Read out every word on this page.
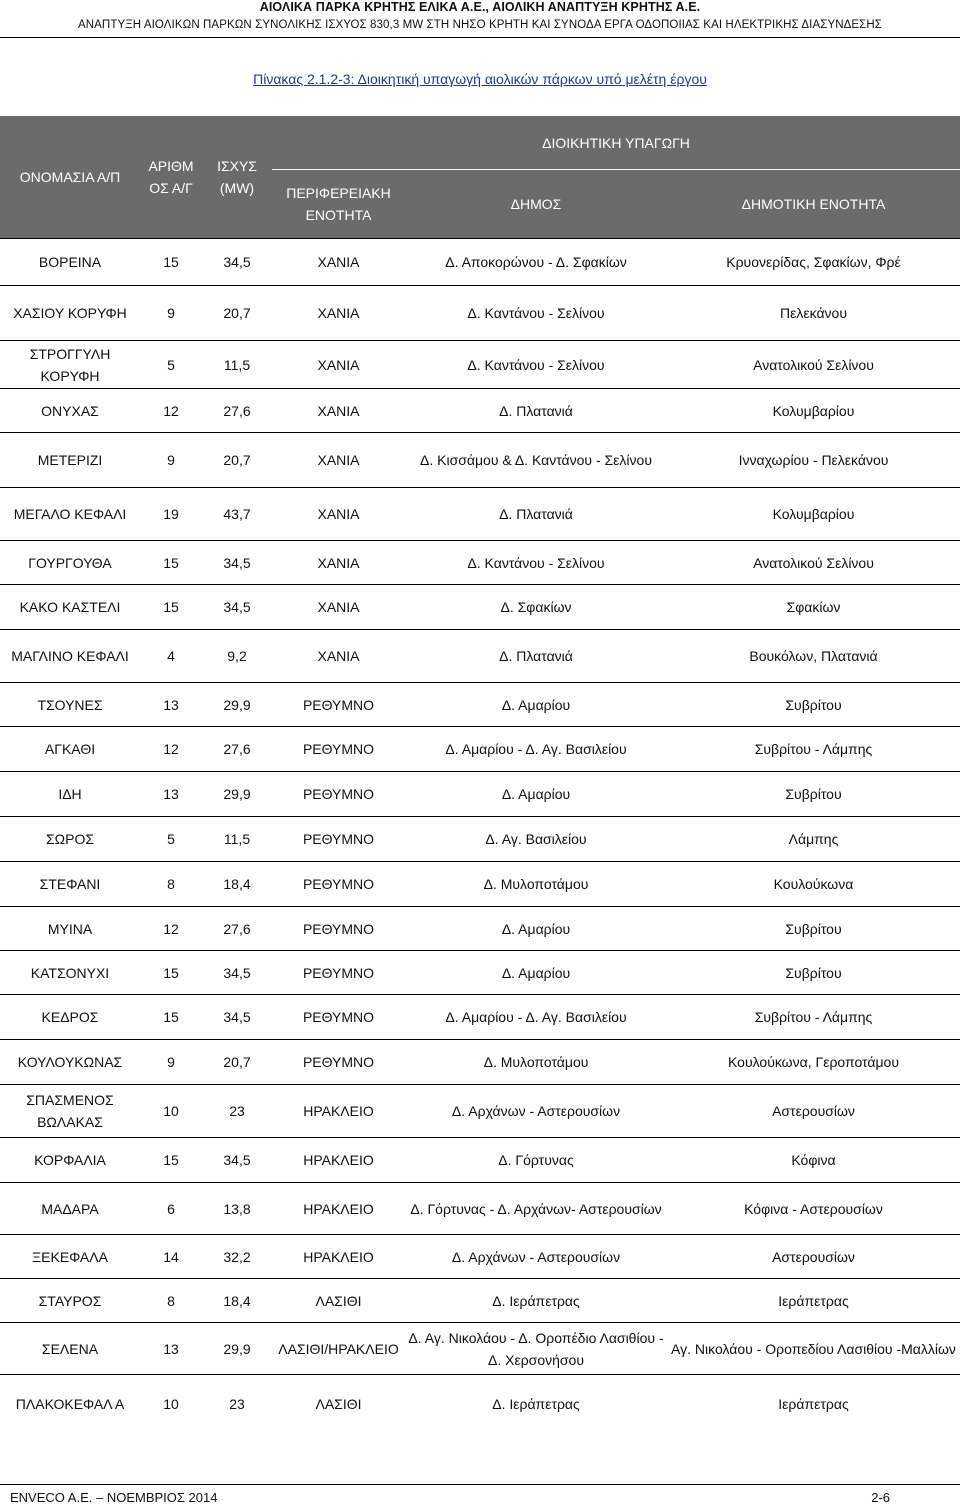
ΑΙΟΛΙΚΑ ΠΑΡΚΑ ΚΡΗΤΗΣ ΕΛΙΚΑ Α.Ε., ΑΙΟΛΙΚΗ ΑΝΑΠΤΥΞΗ ΚΡΗΤΗΣ Α.Ε.
ΑΝΑΠΤΥΞΗ ΑΙΟΛΙΚΩΝ ΠΑΡΚΩΝ ΣΥΝΟΛΙΚΗΣ ΙΣΧΥΟΣ 830,3 MW ΣΤΗ ΝΗΣΟ ΚΡΗΤΗ ΚΑΙ ΣΥΝΟΔΑ ΕΡΓΑ ΟΔΟΠΟΙΙΑΣ ΚΑΙ ΗΛΕΚΤΡΙΚΗΣ ΔΙΑΣΥΝΔΕΣΗΣ
Πίνακας 2.1.2-3: Διοικητική υπαγωγή αιολικών πάρκων υπό μελέτη έργου
ΟΝΟΜΑΣΙΑ Α/Π	ΑΡΙΘΜ ΟΣ Α/Γ	ΙΣΧΥΣ (MW)	ΔΙΟΙΚΗΤΙΚΗ ΥΠΑΓΩΓΗ		
			ΠΕΡΙΦΕΡΕΙΑΚΗ ΕΝΟΤΗΤΑ	ΔΗΜΟΣ	ΔΗΜΟΤΙΚΗ ΕΝΟΤΗΤΑ
ΒΟΡΕΙΝΑ	15	34,5	ΧΑΝΙΑ	Δ. Αποκορώνου - Δ. Σφακίων	Κρυονερίδας, Σφακίων, Φρέ
ΧΑΣΙΟΥ ΚΟΡΥΦΗ	9	20,7	ΧΑΝΙΑ	Δ. Καντάνου - Σελίνου	Πελεκάνου
ΣΤΡΟΓΓΥΛΗ ΚΟΡΥΦΗ	5	11,5	ΧΑΝΙΑ	Δ. Καντάνου - Σελίνου	Ανατολικού Σελίνου
ΟΝΥΧΑΣ	12	27,6	ΧΑΝΙΑ	Δ. Πλατανιά	Κολυμβαρίου
ΜΕΤΕΡΙΖΙ	9	20,7	ΧΑΝΙΑ	Δ. Κισσάμου & Δ. Καντάνου - Σελίνου	Ινναχωρίου - Πελεκάνου
ΜΕΓΑΛΟ ΚΕΦΑΛΙ	19	43,7	ΧΑΝΙΑ	Δ. Πλατανιά	Κολυμβαρίου
ΓΟΥΡΓΟΥΘΑ	15	34,5	ΧΑΝΙΑ	Δ. Καντάνου - Σελίνου	Ανατολικού Σελίνου
ΚΑΚΟ ΚΑΣΤΕΛΙ	15	34,5	ΧΑΝΙΑ	Δ. Σφακίων	Σφακίων
ΜΑΓΛΙΝΟ ΚΕΦΑΛΙ	4	9,2	ΧΑΝΙΑ	Δ. Πλατανιά	Βουκόλων, Πλατανιά
ΤΣΟΥΝΕΣ	13	29,9	ΡΕΘΥΜΝΟ	Δ. Αμαρίου	Συβρίτου
ΑΓΚΑΘΙ	12	27,6	ΡΕΘΥΜΝΟ	Δ. Αμαρίου - Δ. Αγ. Βασιλείου	Συβρίτου - Λάμπης
ΙΔΗ	13	29,9	ΡΕΘΥΜΝΟ	Δ. Αμαρίου	Συβρίτου
ΣΩΡΟΣ	5	11,5	ΡΕΘΥΜΝΟ	Δ. Αγ. Βασιλείου	Λάμπης
ΣΤΕΦΑΝΙ	8	18,4	ΡΕΘΥΜΝΟ	Δ. Μυλοποτάμου	Κουλούκωνα
ΜΥΙΝΑ	12	27,6	ΡΕΘΥΜΝΟ	Δ. Αμαρίου	Συβρίτου
ΚΑΤΣΟΝΥΧΙ	15	34,5	ΡΕΘΥΜΝΟ	Δ. Αμαρίου	Συβρίτου
ΚΕΔΡΟΣ	15	34,5	ΡΕΘΥΜΝΟ	Δ. Αμαρίου - Δ. Αγ. Βασιλείου	Συβρίτου - Λάμπης
ΚΟΥΛΟΥΚΩΝΑΣ	9	20,7	ΡΕΘΥΜΝΟ	Δ. Μυλοποτάμου	Κουλούκωνα, Γεροποτάμου
ΣΠΑΣΜΕΝΟΣ ΒΩΛΑΚΑΣ	10	23	ΗΡΑΚΛΕΙΟ	Δ. Αρχάνων - Αστερουσίων	Αστερουσίων
ΚΟΡΦΑΛΙΑ	15	34,5	ΗΡΑΚΛΕΙΟ	Δ. Γόρτυνας	Κόφινα
ΜΑΔΑΡΑ	6	13,8	ΗΡΑΚΛΕΙΟ	Δ. Γόρτυνας - Δ. Αρχάνων- Αστερουσίων	Κόφινα - Αστερουσίων
ΞΕΚΕΦΑΛΑ	14	32,2	ΗΡΑΚΛΕΙΟ	Δ. Αρχάνων - Αστερουσίων	Αστερουσίων
ΣΤΑΥΡΟΣ	8	18,4	ΛΑΣΙΘΙ	Δ. Ιεράπετρας	Ιεράπετρας
ΣΕΛΕΝΑ	13	29,9	ΛΑΣΙΘΙ/ΗΡΑΚΛΕΙΟ	Δ. Αγ. Νικολάου - Δ. Οροπέδιο Λασιθίου - Δ. Χερσονήσου	Αγ. Νικολάου - Οροπεδίου Λασιθίου -Μαλλίων
ΠΛΑΚΟΚΕΦΑΛ Α	10	23	ΛΑΣΙΘΙ	Δ. Ιεράπετρας	Ιεράπετρας
ENVECO A.E. – ΝΟΕΜΒΡΙΟΣ 2014	2-6
